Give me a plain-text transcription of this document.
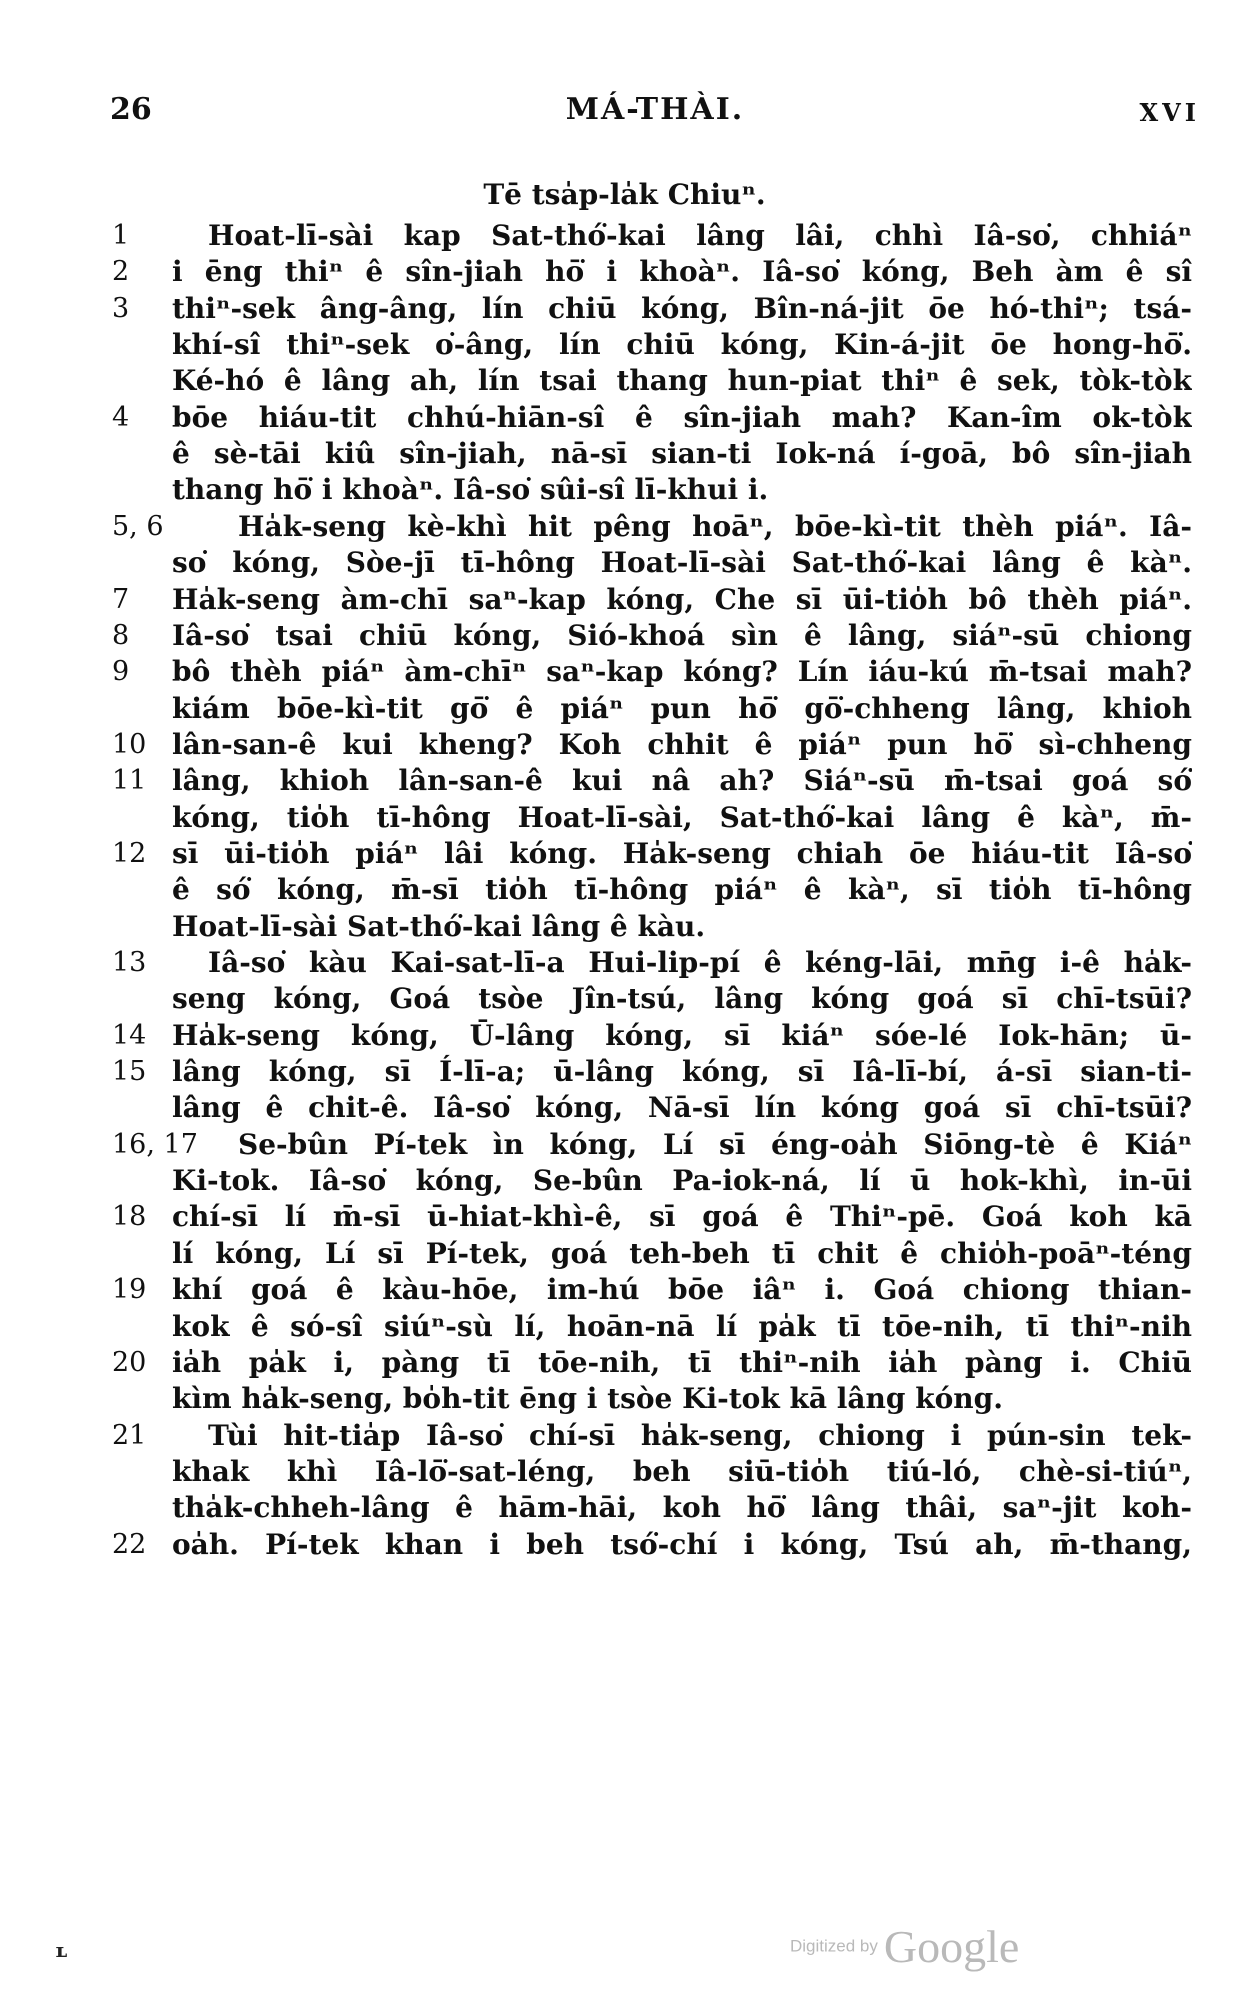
26	MÁ-THÀI.	XVI
Tē tsa̍p-la̍k Chiuⁿ.
1	Hoat-lī-sài kap Sat-thó͘-kai lâng lâi, chhì Iâ-so͘, chhiáⁿ
2	i ēng thiⁿ ê sîn-jiah hō͘ i khoàⁿ. Iâ-so͘ kóng, Beh àm ê sî
3	thiⁿ-sek âng-âng, lín chiū kóng, Bîn-ná-jit ōe hó-thiⁿ; tsá-
khí-sî thiⁿ-sek o͘-âng, lín chiū kóng, Kin-á-jit ōe hong-hō͘.
Ké-hó ê lâng ah, lín tsai thang hun-piat thiⁿ ê sek, tòk-tòk
4	bōe hiáu-tit chhú-hiān-sî ê sîn-jiah mah? Kan-îm ok-tòk
ê sè-tāi kiû sîn-jiah, nā-sī sian-ti Iok-ná í-goā, bô sîn-jiah
thang hō͘ i khoàⁿ. Iâ-so͘ sûi-sî lī-khui i.
5, 6	Ha̍k-seng kè-khì hit pêng hoāⁿ, bōe-kì-tit thèh piáⁿ. Iâ-
so͘ kóng, Sòe-jī tī-hông Hoat-lī-sài Sat-thó͘-kai lâng ê kàⁿ.
7	Ha̍k-seng àm-chī saⁿ-kap kóng, Che sī ūi-tio̍h bô thèh piáⁿ.
8	Iâ-so͘ tsai chiū kóng, Sió-khoá sìn ê lâng, siáⁿ-sū chiong
9	bô thèh piáⁿ àm-chīⁿ saⁿ-kap kóng? Lín iáu-kú m̄-tsai mah?
kiám bōe-kì-tit gō͘ ê piáⁿ pun hō͘ gō͘-chheng lâng, khioh
10 lân-san-ê kui kheng? Koh chhit ê piáⁿ pun hō͘ sì-chheng
11 lâng, khioh lân-san-ê kui nâ ah? Siáⁿ-sū m̄-tsai goá só͘
kóng, tio̍h tī-hông Hoat-lī-sài, Sat-thó͘-kai lâng ê kàⁿ, m̄-
12 sī ūi-tio̍h piáⁿ lâi kóng. Ha̍k-seng chiah ōe hiáu-tit Iâ-so͘
ê só͘ kóng, m̄-sī tio̍h tī-hông piáⁿ ê kàⁿ, sī tio̍h tī-hông
Hoat-lī-sài Sat-thó͘-kai lâng ê kàu.
13	Iâ-so͘ kàu Kai-sat-lī-a Hui-lip-pí ê kéng-lāi, mn̄g i-ê ha̍k-
seng kóng, Goá tsòe Jîn-tsú, lâng kóng goá sī chī-tsūi?
14 Ha̍k-seng kóng, Ū-lâng kóng, sī kiáⁿ sóe-lé Iok-hān; ū-
15 lâng kóng, sī Í-lī-a; ū-lâng kóng, sī Iâ-lī-bí, á-sī sian-ti-
lâng ê chit-ê. Iâ-so͘ kóng, Nā-sī lín kóng goá sī chī-tsūi?
16, 17 Se-bûn Pí-tek ìn kóng, Lí sī éng-oa̍h Siōng-tè ê Kiáⁿ
Ki-tok. Iâ-so͘ kóng, Se-bûn Pa-iok-ná, lí ū hok-khì, in-ūi
18 chí-sī lí m̄-sī ū-hiat-khì-ê, sī goá ê Thiⁿ-pē. Goá koh kā
lí kóng, Lí sī Pí-tek, goá teh-beh tī chit ê chio̍h-poāⁿ-téng
19 khí goá ê kàu-hōe, im-hú bōe iâⁿ i. Goá chiong thian-
kok ê só-sî siúⁿ-sù lí, hoān-nā lí pa̍k tī tōe-nih, tī thiⁿ-nih
20 ia̍h pa̍k i, pàng tī tōe-nih, tī thiⁿ-nih ia̍h pàng i. Chiū
kìm ha̍k-seng, bo̍h-tit ēng i tsòe Ki-tok kā lâng kóng.
21	Tùi hit-tia̍p Iâ-so͘ chí-sī ha̍k-seng, chiong i pún-sin tek-
khak khì Iâ-lō͘-sat-léng, beh siū-tio̍h tiú-ló, chè-si-tiúⁿ,
tha̍k-chheh-lâng ê hām-hāi, koh hō͘ lâng thâi, saⁿ-jit koh-
22 oa̍h. Pí-tek khan i beh tsó͘-chí i kóng, Tsú ah, m̄-thang,
ʟ	Digitized by Google
